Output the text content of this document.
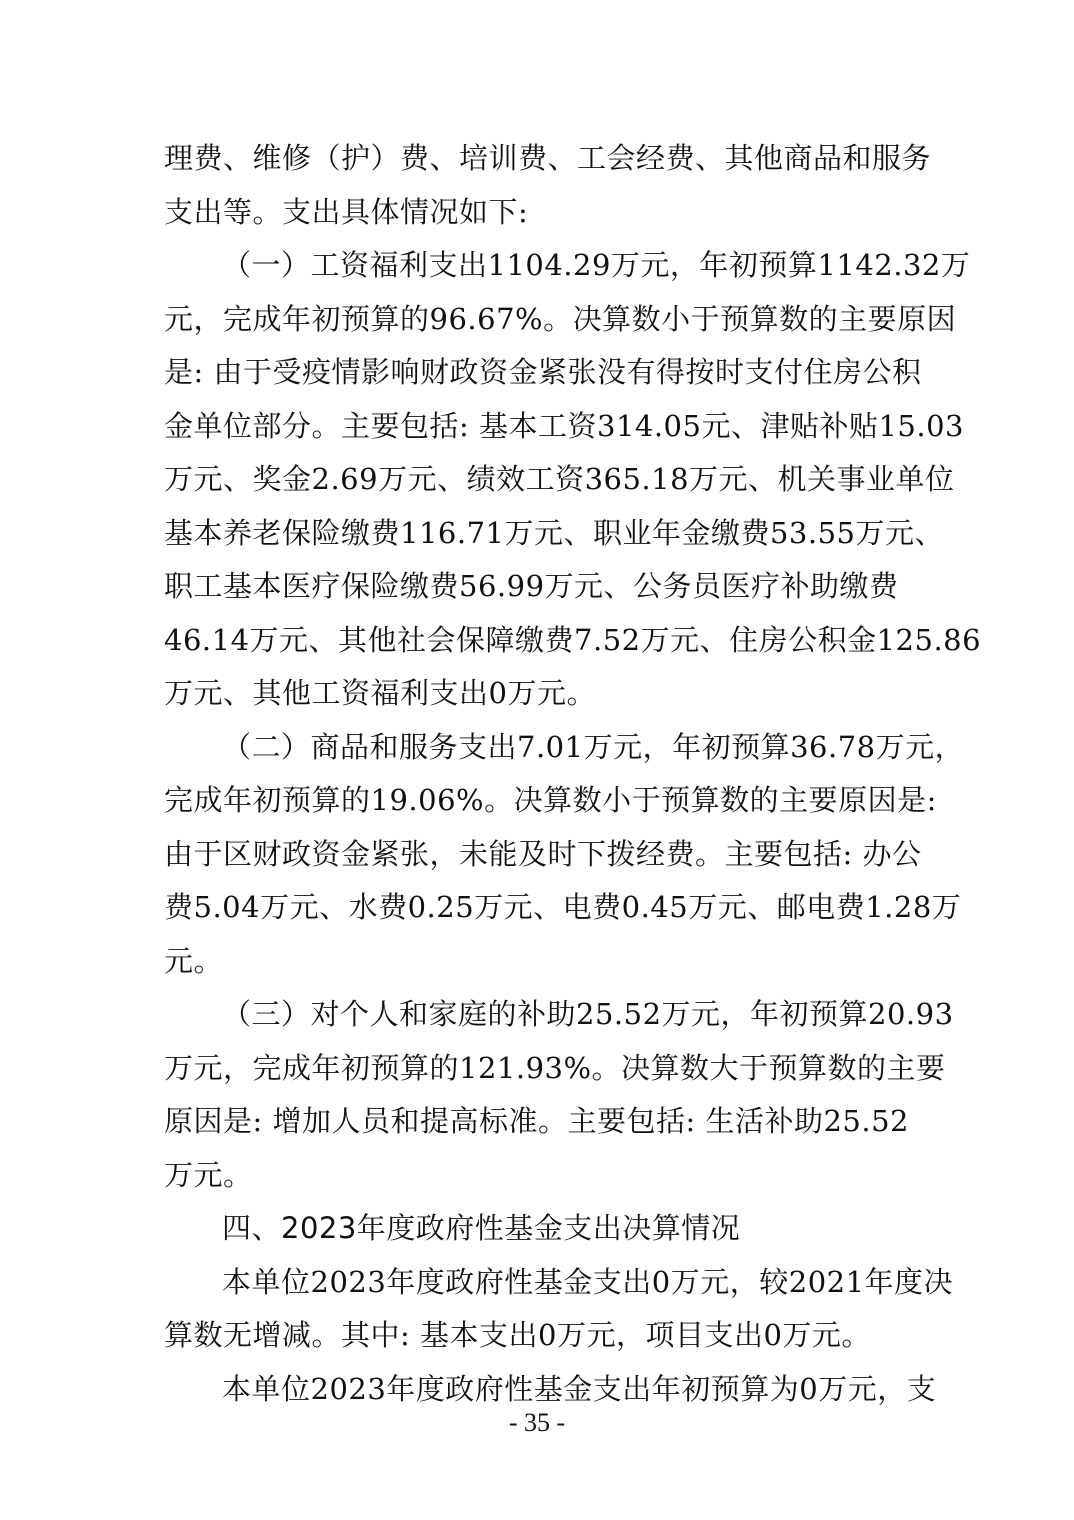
理费、维修（护）费、培训费、工会经费、其他商品和服务
支出等。支出具体情况如下:
（一）工资福利支出1104.29万元，年初预算1142.32万
元，完成年初预算的96.67%。决算数小于预算数的主要原因
是: 由于受疫情影响财政资金紧张没有得按时支付住房公积
金单位部分。主要包括: 基本工资314.05元、津贴补贴15.03
万元、奖金2.69万元、绩效工资365.18万元、机关事业单位
基本养老保险缴费116.71万元、职业年金缴费53.55万元、
职工基本医疗保险缴费56.99万元、公务员医疗补助缴费
46.14万元、其他社会保障缴费7.52万元、住房公积金125.86
万元、其他工资福利支出0万元。
（二）商品和服务支出7.01万元，年初预算36.78万元，
完成年初预算的19.06%。决算数小于预算数的主要原因是:
由于区财政资金紧张，未能及时下拨经费。主要包括: 办公
费5.04万元、水费0.25万元、电费0.45万元、邮电费1.28万
元。
（三）对个人和家庭的补助25.52万元，年初预算20.93
万元，完成年初预算的121.93%。决算数大于预算数的主要
原因是: 增加人员和提高标准。主要包括: 生活补助25.52
万元。
四、2023年度政府性基金支出决算情况
本单位2023年度政府性基金支出0万元，较2021年度决
算数无增减。其中: 基本支出0万元，项目支出0万元。
本单位2023年度政府性基金支出年初预算为0万元，支
- 35 -
